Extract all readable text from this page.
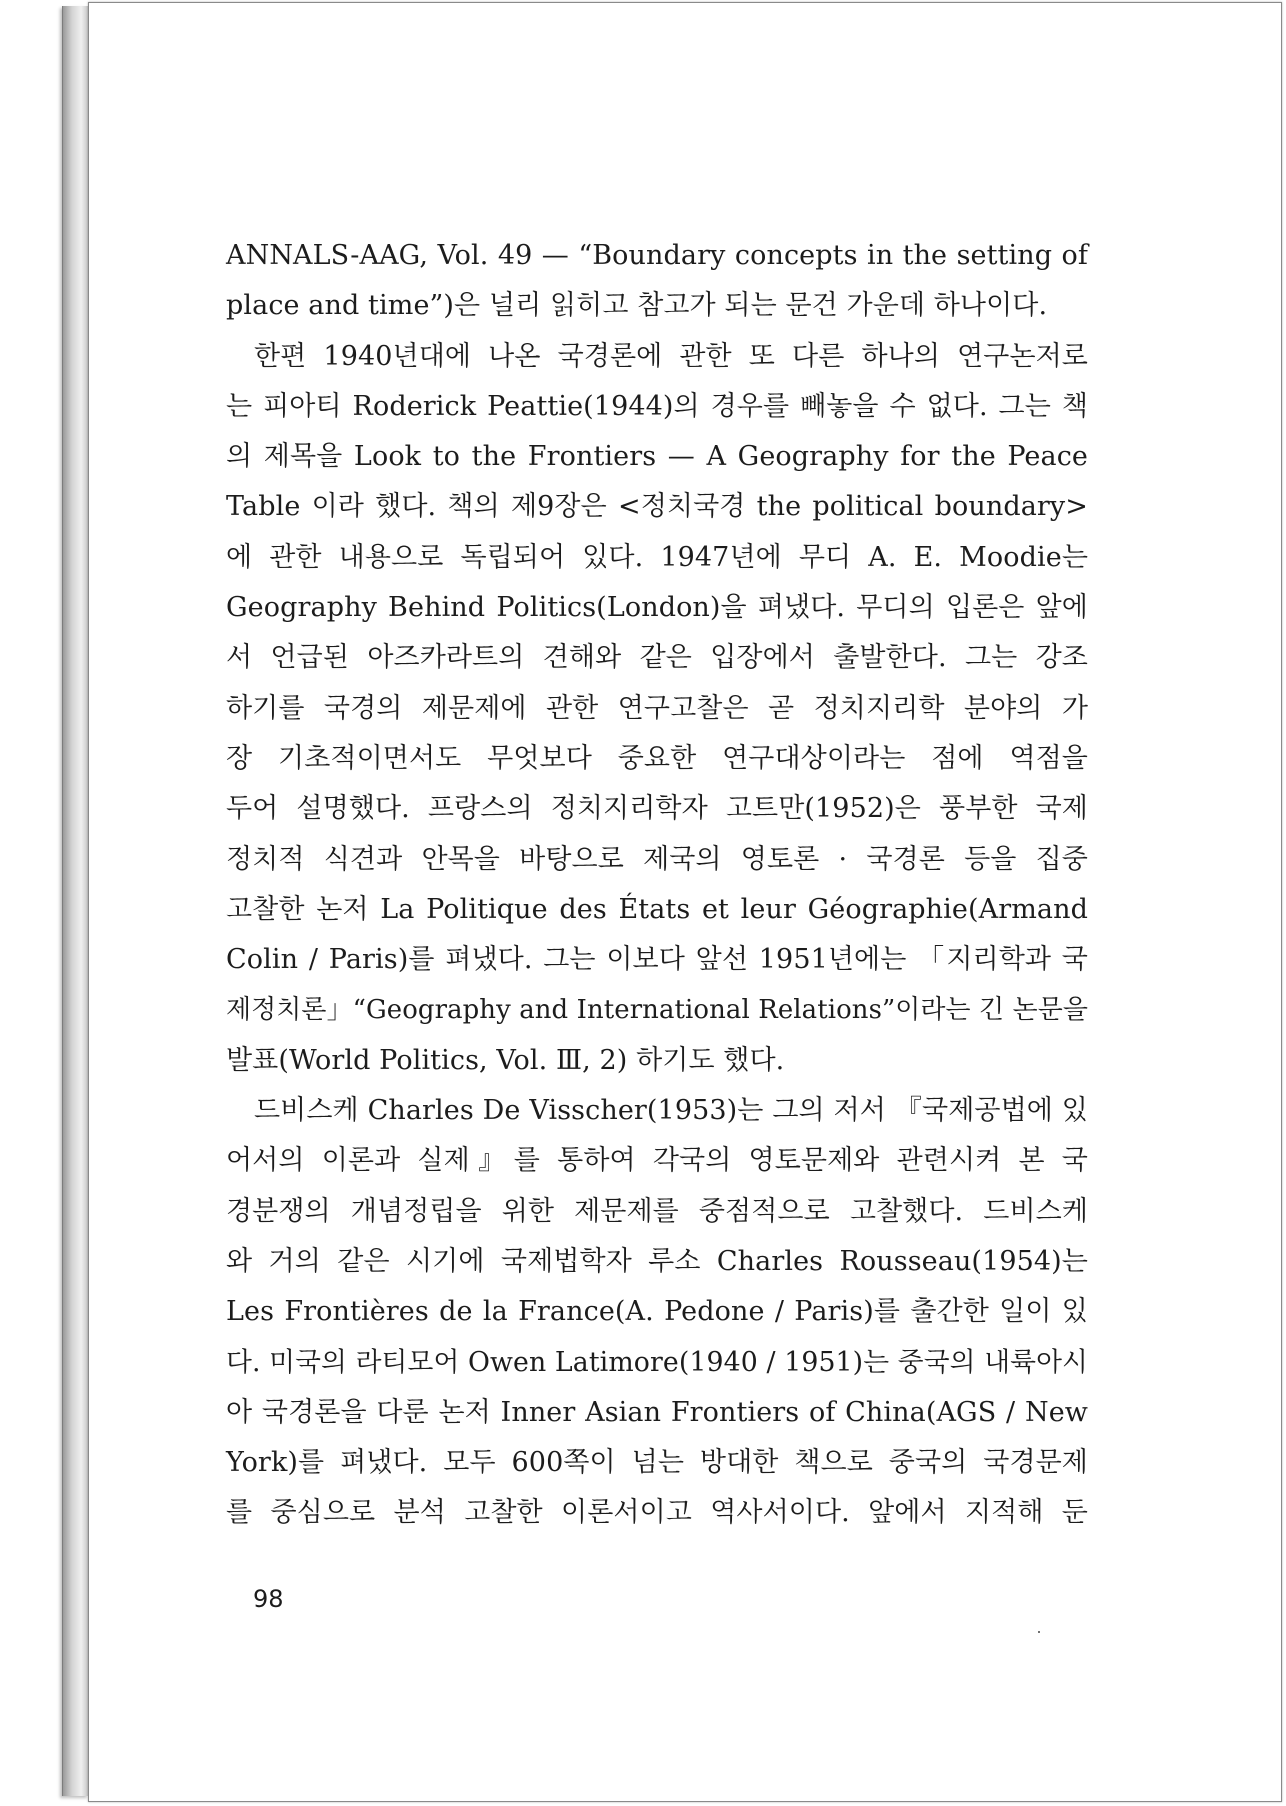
ANNALS-AAG, Vol. 49 — “Boundary concepts in the setting of
place and time”)은 널리 읽히고 참고가 되는 문건 가운데 하나이다.
한편 1940년대에 나온 국경론에 관한 또 다른 하나의 연구논저로
는 피아티 Roderick Peattie(1944)의 경우를 빼놓을 수 없다. 그는 책
의 제목을 Look to the Frontiers — A Geography for the Peace
Table 이라 했다. 책의 제9장은 <정치국경 the political boundary>
에 관한 내용으로 독립되어 있다. 1947년에 무디 A. E. Moodie는
Geography Behind Politics(London)을 펴냈다. 무디의 입론은 앞에
서 언급된 아즈카라트의 견해와 같은 입장에서 출발한다. 그는 강조
하기를 국경의 제문제에 관한 연구고찰은 곧 정치지리학 분야의 가
장 기초적이면서도 무엇보다 중요한 연구대상이라는 점에 역점을
두어 설명했다. 프랑스의 정치지리학자 고트만(1952)은 풍부한 국제
정치적 식견과 안목을 바탕으로 제국의 영토론 · 국경론 등을 집중
고찰한 논저 La Politique des États et leur Géographie(Armand
Colin / Paris)를 펴냈다. 그는 이보다 앞선 1951년에는 「지리학과 국
제정치론」“Geography and International Relations”이라는 긴 논문을
발표(World Politics, Vol. Ⅲ, 2) 하기도 했다.
드비스케 Charles De Visscher(1953)는 그의 저서 『국제공법에 있
어서의 이론과 실제』를 통하여 각국의 영토문제와 관련시켜 본 국
경분쟁의 개념정립을 위한 제문제를 중점적으로 고찰했다. 드비스케
와 거의 같은 시기에 국제법학자 루소 Charles Rousseau(1954)는
Les Frontières de la France(A. Pedone / Paris)를 출간한 일이 있
다. 미국의 라티모어 Owen Latimore(1940 / 1951)는 중국의 내륙아시
아 국경론을 다룬 논저 Inner Asian Frontiers of China(AGS / New
York)를 펴냈다. 모두 600쪽이 넘는 방대한 책으로 중국의 국경문제
를 중심으로 분석 고찰한 이론서이고 역사서이다. 앞에서 지적해 둔
98
